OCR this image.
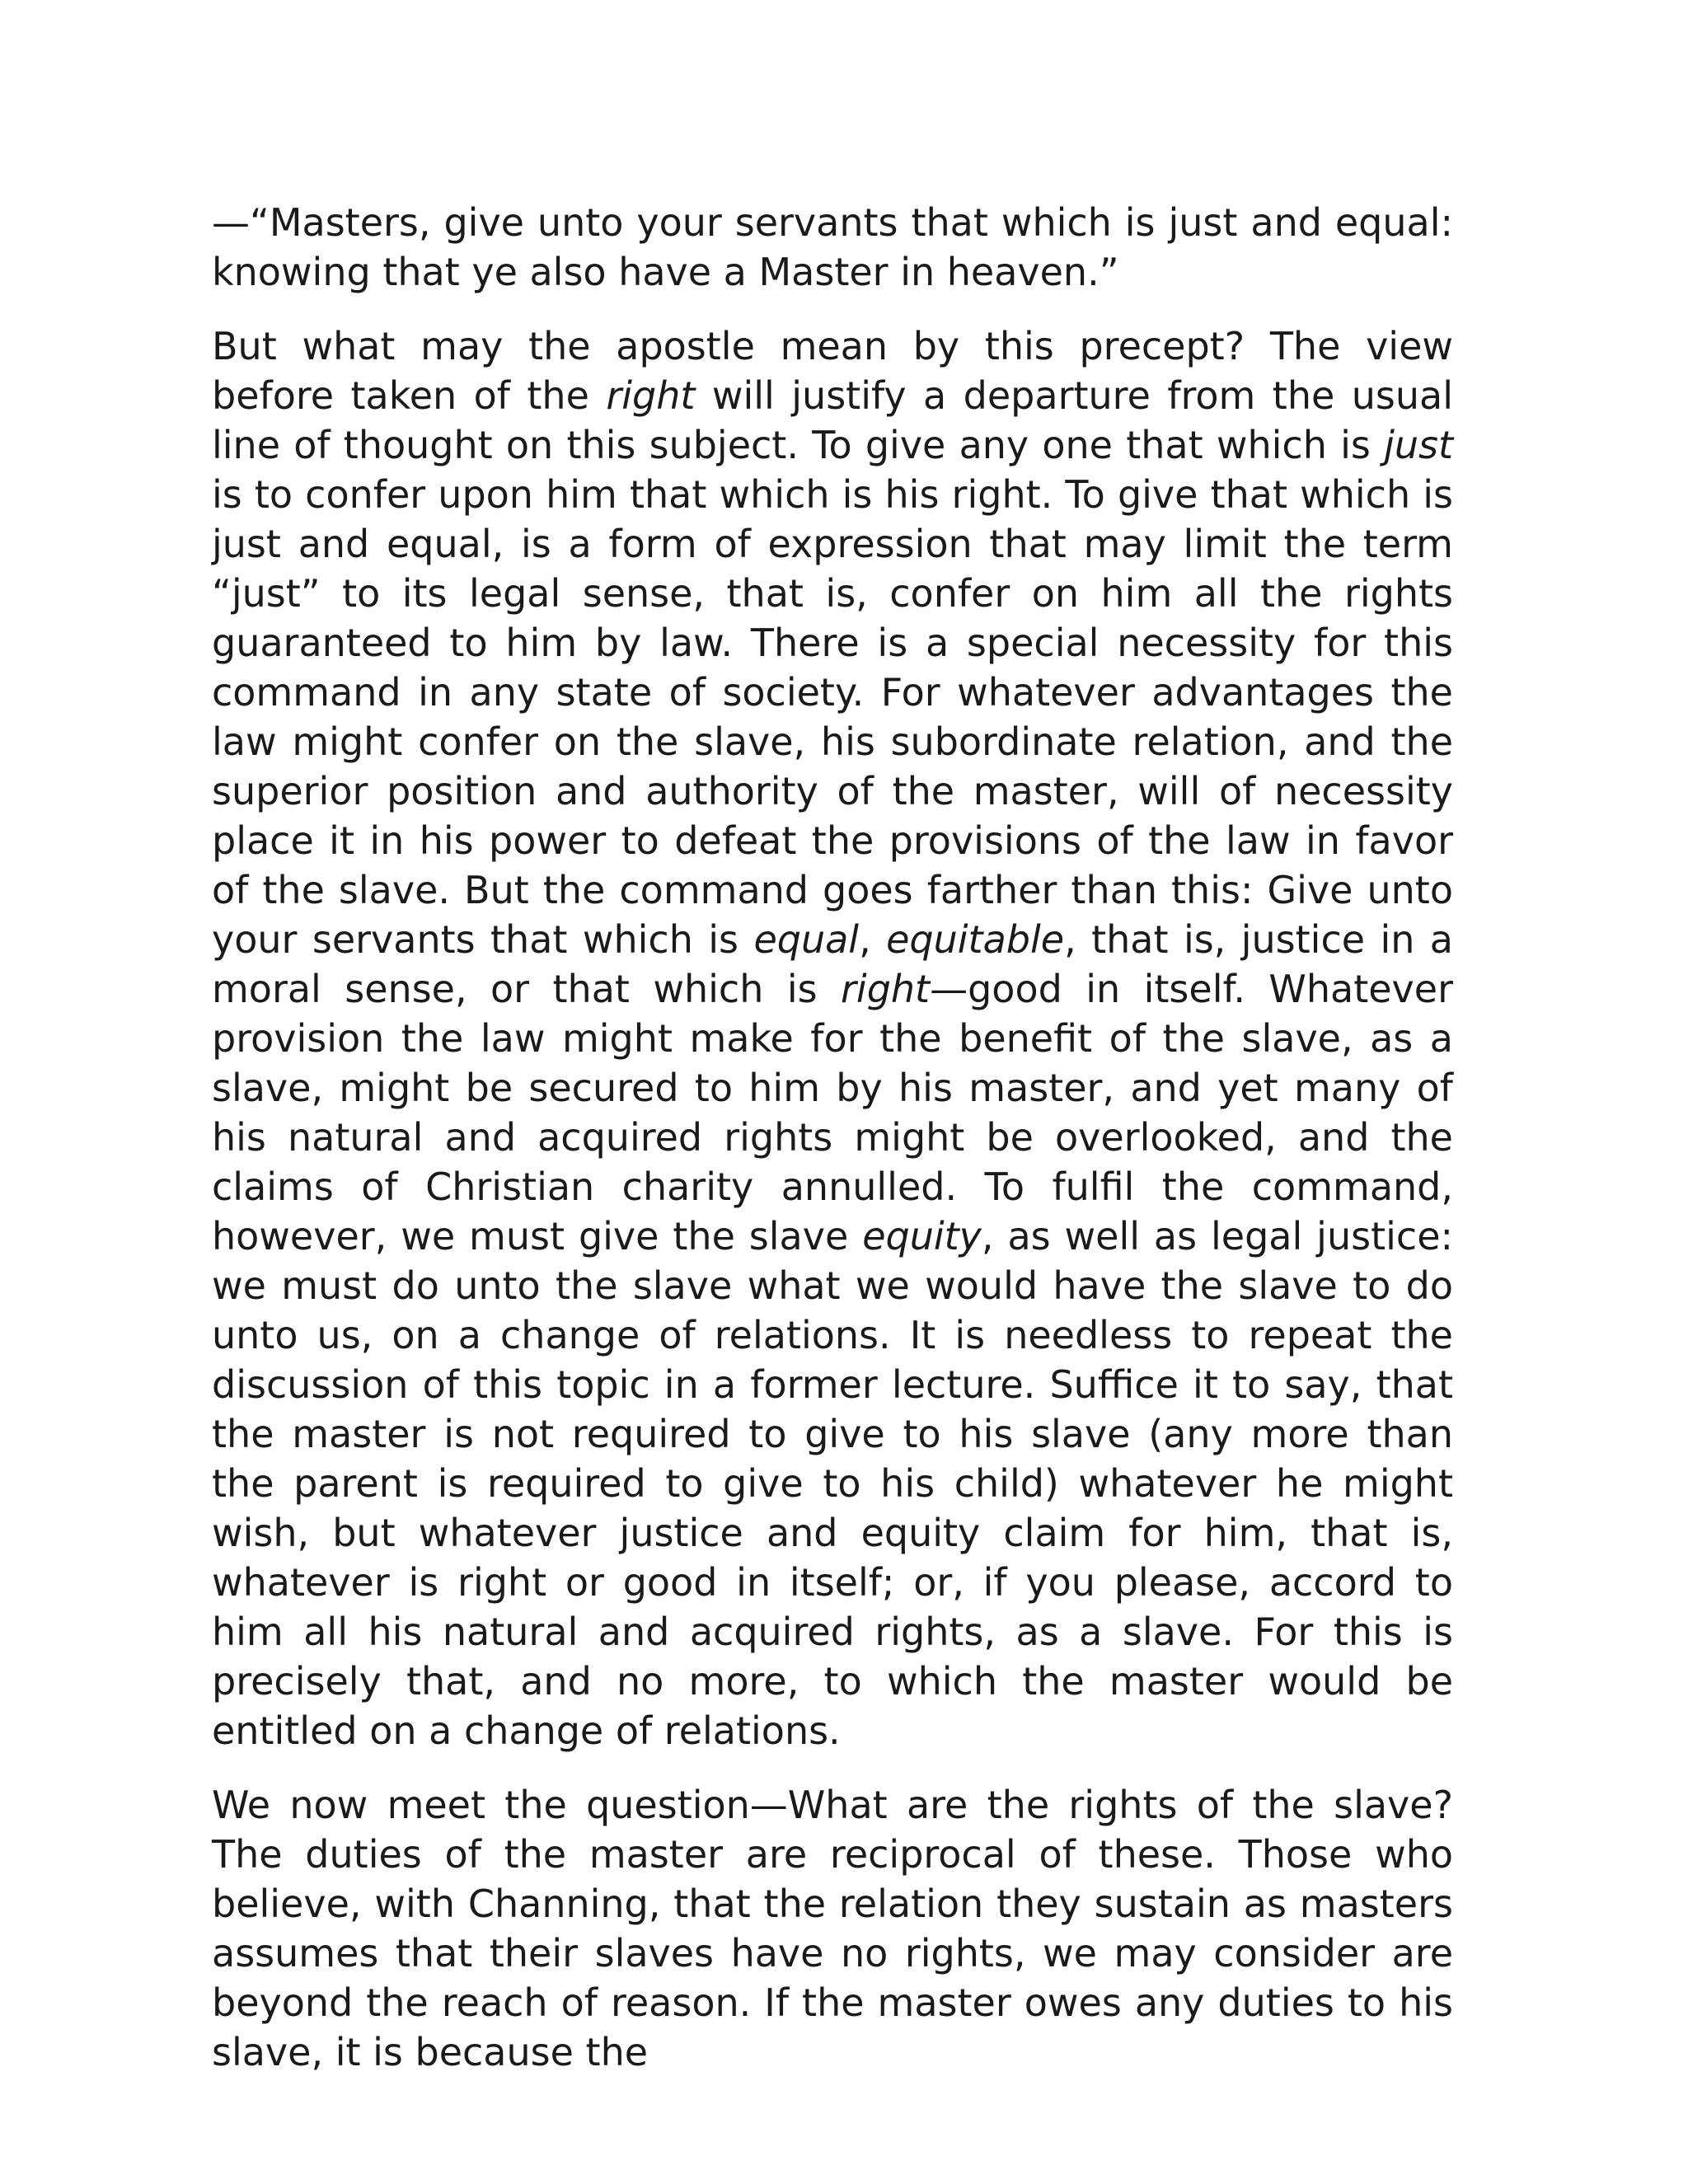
—“Masters, give unto your servants that which is just and equal: knowing that ye also have a Master in heaven.”

But what may the apostle mean by this precept? The view before taken of the right will justify a departure from the usual line of thought on this subject. To give any one that which is just is to confer upon him that which is his right. To give that which is just and equal, is a form of expression that may limit the term “just” to its legal sense, that is, confer on him all the rights guaranteed to him by law. There is a special necessity for this command in any state of society. For whatever advantages the law might confer on the slave, his subordinate relation, and the superior position and authority of the master, will of necessity place it in his power to defeat the provisions of the law in favor of the slave. But the command goes farther than this: Give unto your servants that which is equal, equitable, that is, justice in a moral sense, or that which is right—good in itself. Whatever provision the law might make for the benefit of the slave, as a slave, might be secured to him by his master, and yet many of his natural and acquired rights might be overlooked, and the claims of Christian charity annulled. To fulfil the command, however, we must give the slave equity, as well as legal justice: we must do unto the slave what we would have the slave to do unto us, on a change of relations. It is needless to repeat the discussion of this topic in a former lecture. Suffice it to say, that the master is not required to give to his slave (any more than the parent is required to give to his child) whatever he might wish, but whatever justice and equity claim for him, that is, whatever is right or good in itself; or, if you please, accord to him all his natural and acquired rights, as a slave. For this is precisely that, and no more, to which the master would be entitled on a change of relations.

We now meet the question—What are the rights of the slave? The duties of the master are reciprocal of these. Those who believe, with Channing, that the relation they sustain as masters assumes that their slaves have no rights, we may consider are beyond the reach of reason. If the master owes any duties to his slave, it is because the
